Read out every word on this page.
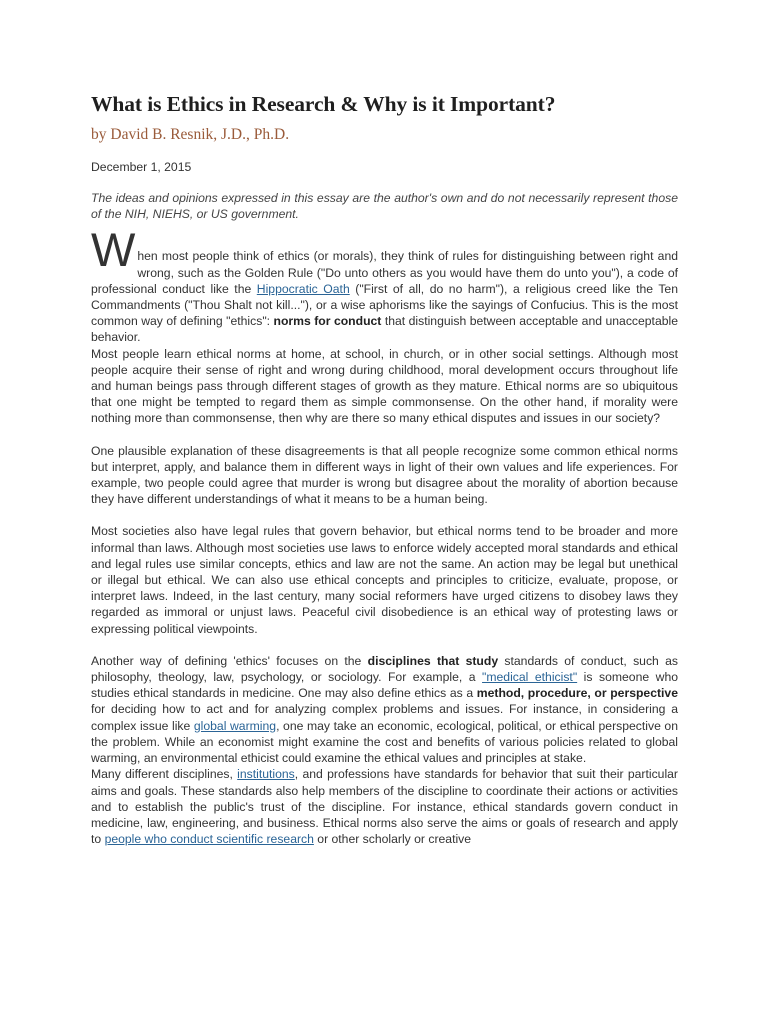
What is Ethics in Research & Why is it Important?
by David B. Resnik, J.D., Ph.D.
December 1, 2015

The ideas and opinions expressed in this essay are the author's own and do not necessarily represent those of the NIH, NIEHS, or US government.

W hen most people think of ethics (or morals), they think of rules for distinguishing between right and wrong, such as the Golden Rule ("Do unto others as you would have them do unto you"), a code of professional conduct like the Hippocratic Oath ("First of all, do no harm"), a religious creed like the Ten Commandments ("Thou Shalt not kill..."), or a wise aphorisms like the sayings of Confucius. This is the most common way of defining "ethics": norms for conduct that distinguish between acceptable and unacceptable behavior.

Most people learn ethical norms at home, at school, in church, or in other social settings. Although most people acquire their sense of right and wrong during childhood, moral development occurs throughout life and human beings pass through different stages of growth as they mature. Ethical norms are so ubiquitous that one might be tempted to regard them as simple commonsense. On the other hand, if morality were nothing more than commonsense, then why are there so many ethical disputes and issues in our society?

One plausible explanation of these disagreements is that all people recognize some common ethical norms but interpret, apply, and balance them in different ways in light of their own values and life experiences. For example, two people could agree that murder is wrong but disagree about the morality of abortion because they have different understandings of what it means to be a human being.

Most societies also have legal rules that govern behavior, but ethical norms tend to be broader and more informal than laws. Although most societies use laws to enforce widely accepted moral standards and ethical and legal rules use similar concepts, ethics and law are not the same. An action may be legal but unethical or illegal but ethical. We can also use ethical concepts and principles to criticize, evaluate, propose, or interpret laws. Indeed, in the last century, many social reformers have urged citizens to disobey laws they regarded as immoral or unjust laws. Peaceful civil disobedience is an ethical way of protesting laws or expressing political viewpoints.

Another way of defining 'ethics' focuses on the disciplines that study standards of conduct, such as philosophy, theology, law, psychology, or sociology. For example, a "medical ethicist" is someone who studies ethical standards in medicine. One may also define ethics as a method, procedure, or perspective for deciding how to act and for analyzing complex problems and issues. For instance, in considering a complex issue like global warming, one may take an economic, ecological, political, or ethical perspective on the problem. While an economist might examine the cost and benefits of various policies related to global warming, an environmental ethicist could examine the ethical values and principles at stake.

Many different disciplines, institutions, and professions have standards for behavior that suit their particular aims and goals. These standards also help members of the discipline to coordinate their actions or activities and to establish the public's trust of the discipline. For instance, ethical standards govern conduct in medicine, law, engineering, and business. Ethical norms also serve the aims or goals of research and apply to people who conduct scientific research or other scholarly or creative
